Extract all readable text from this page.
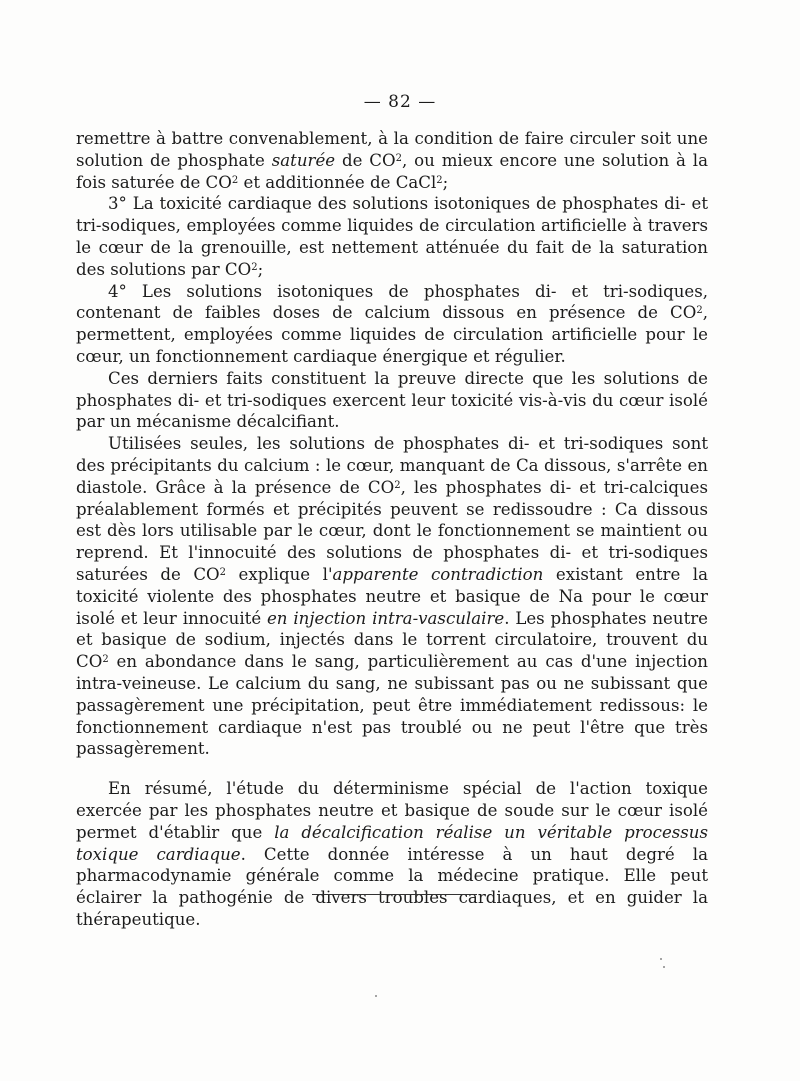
— 82 —

remettre à battre convenablement, à la condition de faire circuler soit une solution de phosphate saturée de $CO^2$, ou mieux encore une solution à la fois saturée de $CO^2$ et additionnée de CaCl$^2$;

3° La toxicité cardiaque des solutions isotoniques de phosphates di- et tri-sodiques, employées comme liquides de circulation artificielle à travers le cœur de la grenouille, est nettement atténuée du fait de la saturation des solutions par $CO^2$;

4° Les solutions isotoniques de phosphates di- et tri-sodiques, contenant de faibles doses de calcium dissous en présence de $CO^2$, permettent, employées comme liquides de circulation artificielle pour le cœur, un fonctionnement cardiaque énergique et régulier.

Ces derniers faits constituent la preuve directe que les solutions de phosphates di- et tri-sodiques exercent leur toxicité vis-à-vis du cœur isolé par un mécanisme décalcifiant.

Utilisées seules, les solutions de phosphates di- et tri-sodiques sont des précipitants du calcium : le cœur, manquant de Ca dissous, s'arrête en diastole. Grâce à la présence de $CO^2$, les phosphates di- et tri-calciques préalablement formés et précipités peuvent se redissoudre : Ca dissous est dès lors utilisable par le cœur, dont le fonctionnement se maintient ou reprend. Et l'innocuité des solutions de phosphates di- et tri-sodiques saturées de $CO^2$ explique l'apparente contradiction existant entre la toxicité violente des phosphates neutre et basique de Na pour le cœur isolé et leur innocuité en injection intra-vasculaire. Les phosphates neutre et basique de sodium, injectés dans le torrent circulatoire, trouvent du $CO^2$ en abondance dans le sang, particulièrement au cas d'une injection intra-veineuse. Le calcium du sang, ne subissant pas ou ne subissant que passagèrement une précipitation, peut être immédiatement redissous: le fonctionnement cardiaque n'est pas troublé ou ne peut l'être que très passagèrement.

En résumé, l'étude du déterminisme spécial de l'action toxique exercée par les phosphates neutre et basique de soude sur le cœur isolé permet d'établir que la décalcification réalise un véritable processus toxique cardiaque. Cette donnée intéresse à un haut degré la pharmacodynamie générale comme la médecine pratique. Elle peut éclairer la pathogénie de divers troubles cardiaques, et en guider la thérapeutique.
